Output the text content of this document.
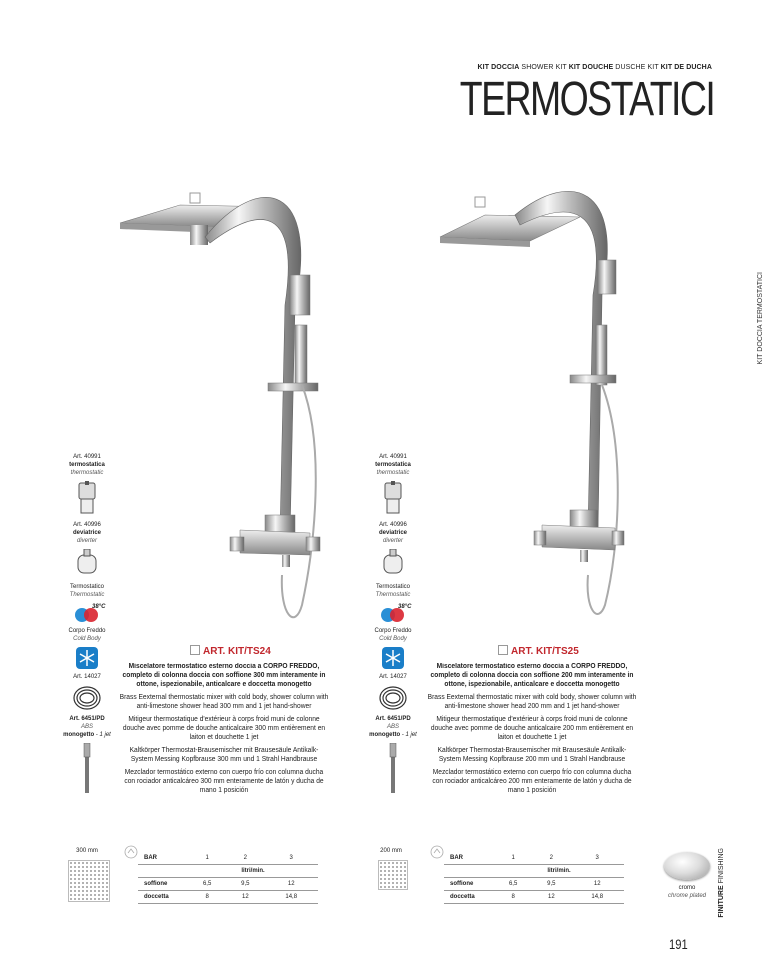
KIT DOCCIA SHOWER KIT KIT DOUCHE DUSCHE KIT KIT DE DUCHA
TERMOSTATICI
KIT DOCCIA TERMOSTATICI
Art. 40991
termostatica
thermostatic
Art. 40996
deviatrice
diverter
Termostatico
Thermostatic
38°C
Corpo Freddo
Cold Body
Art. 14027
Art. 6451/PD
ABS
monogetto - 1 jet
Art. 40991
termostatica
thermostatic
Art. 40996
deviatrice
diverter
Termostatico
Thermostatic
38°C
Corpo Freddo
Cold Body
Art. 14027
Art. 6451/PD
ABS
monogetto - 1 jet
ART. KIT/TS24

Miscelatore termostatico esterno doccia a CORPO FREDDO, completo di colonna doccia con soffione 300 mm interamente in ottone, ispezionabile, anticalcare e doccetta monogetto

Brass Eexternal thermostatic mixer with cold body, shower column with anti-limestone shower head 300 mm and 1 jet hand-shower

Mitigeur thermostatique d'extérieur à corps froid muni de colonne douche avec pomme de douche anticalcaire 300 mm entièrement en laiton et douchette 1 jet

Kaltkörper Thermostat-Brausemischer mit Brausesäule Antikalk-System Messing Kopfbrause 300 mm und 1 Strahl Handbrause

Mezclador termostático externo con cuerpo frío con columna ducha con rociador anticalcáreo 300 mm enteramente de latón y ducha de mano 1 posición

300 mm
BAR	1	2	3
	litri/min.		
soffione	6,5	9,5	12
doccetta	8	12	14,8
ART. KIT/TS25

Miscelatore termostatico esterno doccia a CORPO FREDDO, completo di colonna doccia con soffione 200 mm interamente in ottone, ispezionabile, anticalcare e doccetta monogetto

Brass Eexternal thermostatic mixer with cold body, shower column with anti-limestone shower head 200 mm and 1 jet hand-shower

Mitigeur thermostatique d'extérieur à corps froid muni de colonne douche avec pomme de douche anticalcaire 200 mm entièrement en laiton et douchette 1 jet

Kaltkörper Thermostat-Brausemischer mit Brausesäule Antikalk-System Messing Kopfbrause 200 mm und 1 Strahl Handbrause

Mezclador termostático externo con cuerpo frío con columna ducha con rociador anticalcáreo 200 mm enteramente de latón y ducha de mano 1 posición

200 mm
BAR	1	2	3
	litri/min.		
soffione	6,5	9,5	12
doccetta	8	12	14,8
cromo
chrome plated	FINITURE FINISHING
191
